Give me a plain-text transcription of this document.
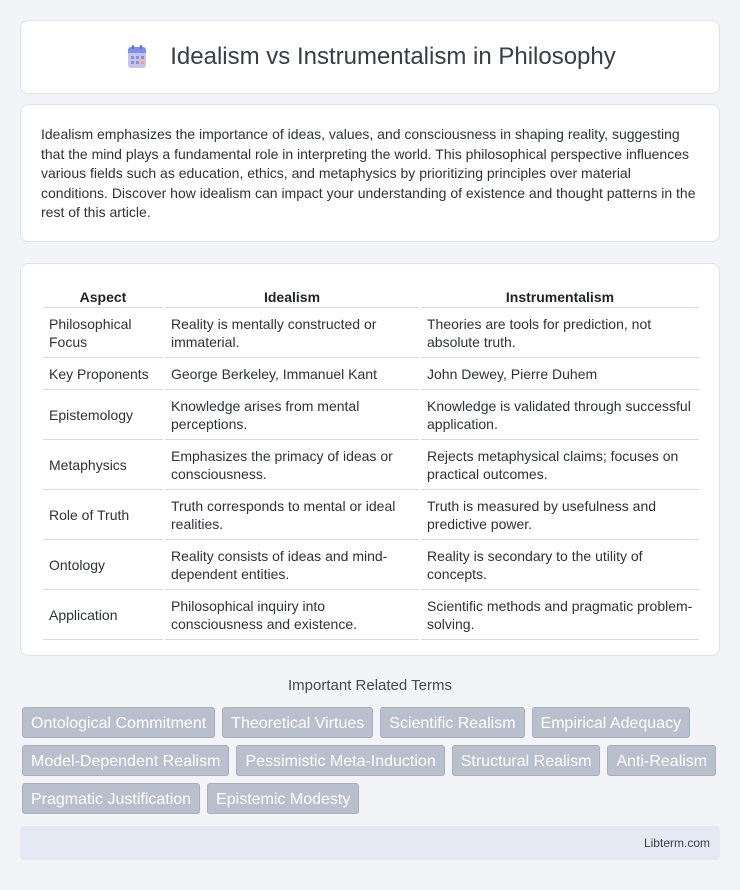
Idealism vs Instrumentalism in Philosophy

Idealism emphasizes the importance of ideas, values, and consciousness in shaping reality, suggesting that the mind plays a fundamental role in interpreting the world. This philosophical perspective influences various fields such as education, ethics, and metaphysics by prioritizing principles over material conditions. Discover how idealism can impact your understanding of existence and thought patterns in the rest of this article.

Aspect	Idealism	Instrumentalism
Philosophical Focus	Reality is mentally constructed or immaterial.	Theories are tools for prediction, not absolute truth.
Key Proponents	George Berkeley, Immanuel Kant	John Dewey, Pierre Duhem
Epistemology	Knowledge arises from mental perceptions.	Knowledge is validated through successful application.
Metaphysics	Emphasizes the primacy of ideas or consciousness.	Rejects metaphysical claims; focuses on practical outcomes.
Role of Truth	Truth corresponds to mental or ideal realities.	Truth is measured by usefulness and predictive power.
Ontology	Reality consists of ideas and mind-dependent entities.	Reality is secondary to the utility of concepts.
Application	Philosophical inquiry into consciousness and existence.	Scientific methods and pragmatic problem-solving.
Important Related Terms
Ontological Commitment	Theoretical Virtues	Scientific Realism	Empirical Adequacy
Model-Dependent Realism	Pessimistic Meta-Induction	Structural Realism	Anti-Realism
Pragmatic Justification	Epistemic Modesty
Libterm.com
